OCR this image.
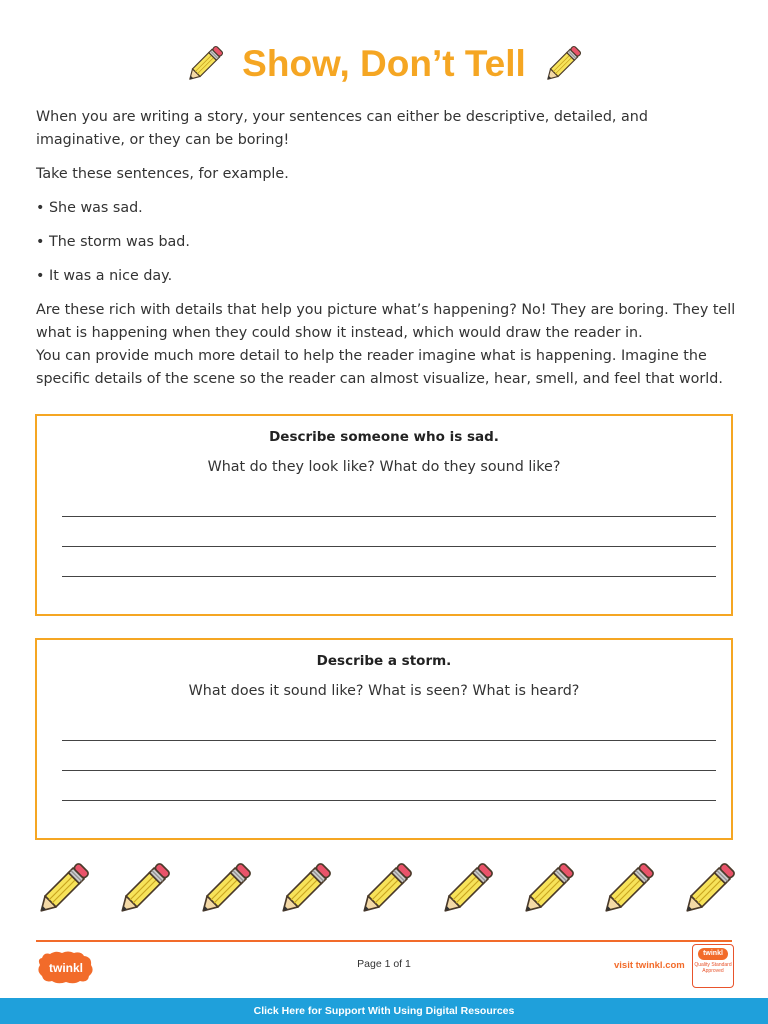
Show, Don’t Tell

When you are writing a story, your sentences can either be descriptive, detailed, and imaginative, or they can be boring!

Take these sentences, for example.

• She was sad.

• The storm was bad.

• It was a nice day.

Are these rich with details that help you picture what’s happening? No! They are boring. They tell what is happening when they could show it instead, which would draw the reader in.

You can provide much more detail to help the reader imagine what is happening. Imagine the specific details of the scene so the reader can almost visualize, hear, smell, and feel that world.

Describe someone who is sad.

What do they look like? What do they sound like?

Describe a storm.

What does it sound like? What is seen? What is heard?

twinkl	Page 1 of 1	visit twinkl.com
twinkl
Quality Standard Approved
Click Here for Support With Using Digital Resources
